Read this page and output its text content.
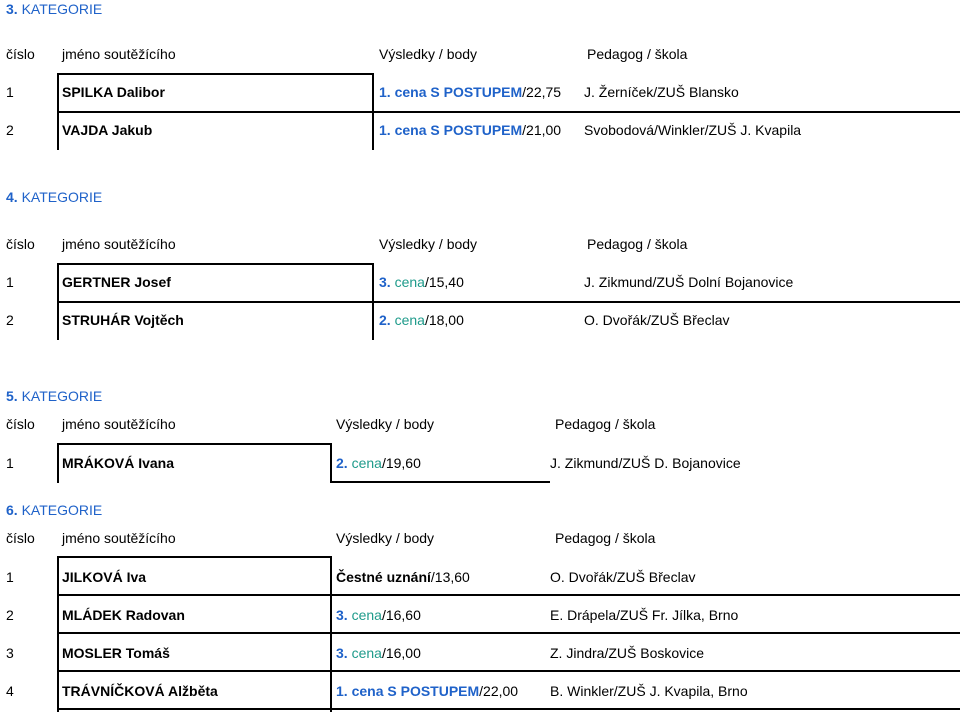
3. KATEGORIE
číslo jméno soutěžícího	Výsledky / body	Pedagog / škola
1	SPILKA Dalibor	1. cena S POSTUPEM/22,75 J. Žerníček/ZUŠ Blansko
2	VAJDA Jakub	1. cena S POSTUPEM/21,00 Svobodová/Winkler/ZUŠ J. Kvapila
4. KATEGORIE
číslo jméno soutěžícího	Výsledky / body	Pedagog / škola
1	GERTNER Josef	3. cena/15,40	J. Zikmund/ZUŠ Dolní Bojanovice
2	STRUHÁR Vojtěch	2. cena/18,00	O. Dvořák/ZUŠ Břeclav
5. KATEGORIE
číslo jméno soutěžícího	Výsledky / body	Pedagog / škola
1	MRÁKOVÁ Ivana	2. cena/19,60	J. Zikmund/ZUŠ D. Bojanovice
6. KATEGORIE
číslo jméno soutěžícího	Výsledky / body	Pedagog / škola
1	JILKOVÁ Iva	Čestné uznání/13,60	O. Dvořák/ZUŠ Břeclav
2	MLÁDEK Radovan	3. cena/16,60	E. Drápela/ZUŠ Fr. Jílka, Brno
3	MOSLER Tomáš	3. cena/16,00	Z. Jindra/ZUŠ Boskovice
4	TRÁVNÍČKOVÁ Alžběta	1. cena S POSTUPEM/22,00 B. Winkler/ZUŠ J. Kvapila, Brno
